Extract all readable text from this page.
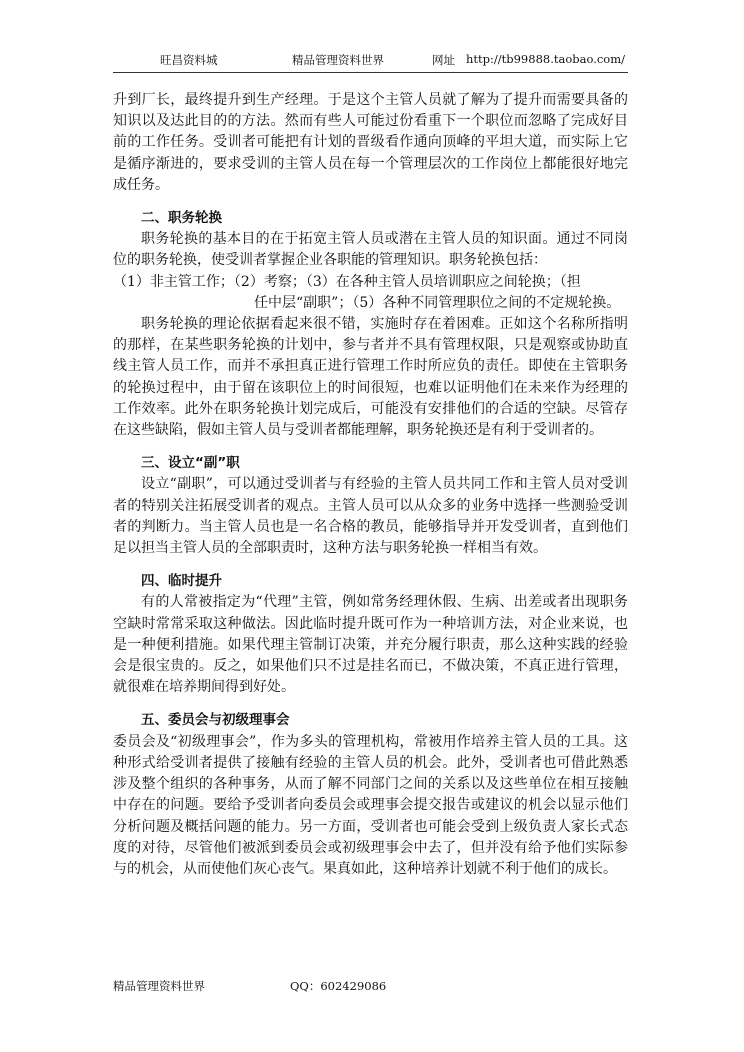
旺昌资料城	精品管理资料世界	网址 http://tb99888.taobao.com/

升到厂长，最终提升到生产经理。于是这个主管人员就了解为了提升而需要具备的知识以及达此目的的方法。然而有些人可能过份看重下一个职位而忽略了完成好目前的工作任务。受训者可能把有计划的晋级看作通向顶峰的平坦大道，而实际上它是循序渐进的，要求受训的主管人员在每一个管理层次的工作岗位上都能很好地完成任务。

二、职务轮换

职务轮换的基本目的在于拓宽主管人员或潜在主管人员的知识面。通过不同岗位的职务轮换，使受训者掌握企业各职能的管理知识。职务轮换包括：

（1）非主管工作；（2）考察；（3）在各种主管人员培训职应之间轮换；（担

任中层“副职”；（5）各种不同管理职位之间的不定规轮换。

职务轮换的理论依据看起来很不错，实施时存在着困难。正如这个名称所指明的那样，在某些职务轮换的计划中，参与者并不具有管理权限，只是观察或协助直线主管人员工作，而并不承担真正进行管理工作时所应负的责任。即使在主管职务的轮换过程中，由于留在该职位上的时间很短，也难以证明他们在未来作为经理的工作效率。此外在职务轮换计划完成后，可能没有安排他们的合适的空缺。尽管存在这些缺陷，假如主管人员与受训者都能理解，职务轮换还是有利于受训者的。

三、设立“副”职

设立“副职”，可以通过受训者与有经验的主管人员共同工作和主管人员对受训者的特别关注拓展受训者的观点。主管人员可以从众多的业务中选择一些测验受训者的判断力。当主管人员也是一名合格的教员，能够指导并开发受训者，直到他们足以担当主管人员的全部职责时，这种方法与职务轮换一样相当有效。

四、临时提升

有的人常被指定为“代理”主管，例如常务经理休假、生病、出差或者出现职务空缺时常常采取这种做法。因此临时提升既可作为一种培训方法，对企业来说，也是一种便利措施。如果代理主管制订决策，并充分履行职责，那么这种实践的经验会是很宝贵的。反之，如果他们只不过是挂名而已，不做决策，不真正进行管理，就很难在培养期间得到好处。

五、委员会与初级理事会

委员会及“初级理事会”，作为多头的管理机构，常被用作培养主管人员的工具。这种形式给受训者提供了接触有经验的主管人员的机会。此外，受训者也可借此熟悉涉及整个组织的各种事务，从而了解不同部门之间的关系以及这些单位在相互接触中存在的问题。要给予受训者向委员会或理事会提交报告或建议的机会以显示他们分析问题及概括问题的能力。另一方面，受训者也可能会受到上级负责人家长式态度的对待，尽管他们被派到委员会或初级理事会中去了，但并没有给予他们实际参与的机会，从而使他们灰心丧气。果真如此，这种培养计划就不利于他们的成长。

精品管理资料世界	QQ：602429086
